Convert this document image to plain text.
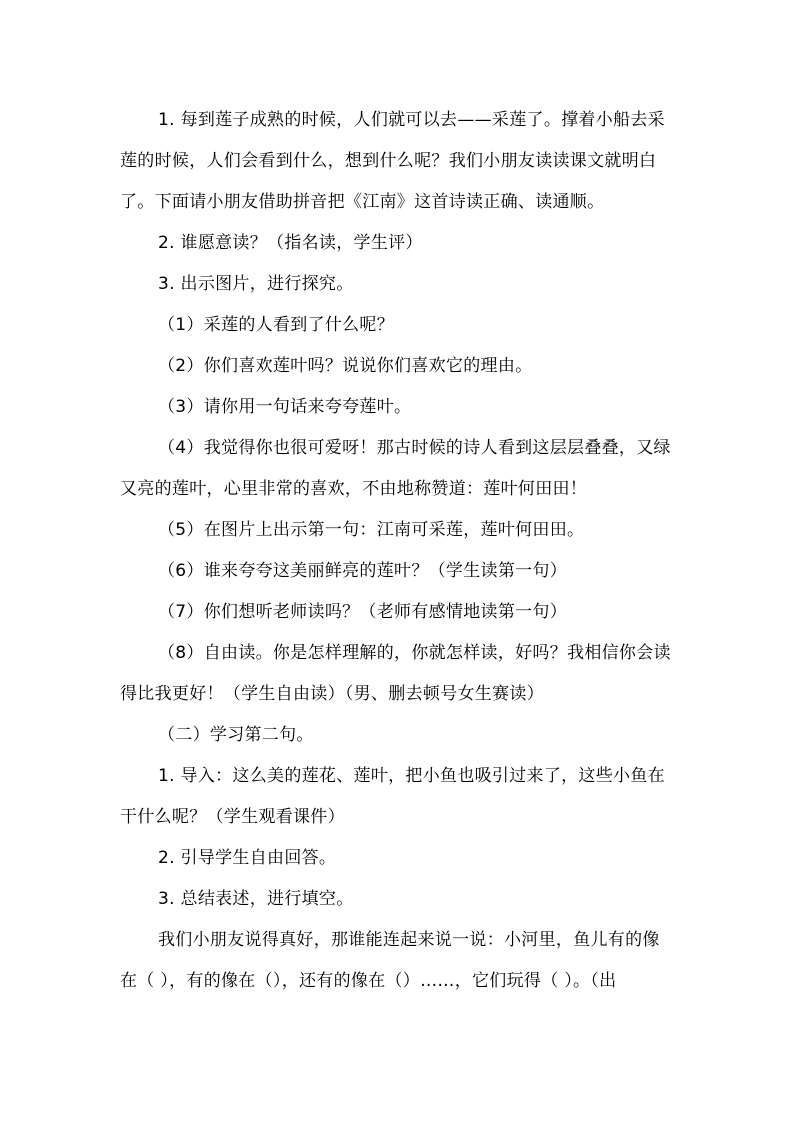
1. 每到莲子成熟的时候，人们就可以去——采莲了。撑着小船去采莲的时候，人们会看到什么，想到什么呢？我们小朋友读读课文就明白了。下面请小朋友借助拼音把《江南》这首诗读正确、读通顺。

2. 谁愿意读？（指名读，学生评）

3. 出示图片，进行探究。

（1）采莲的人看到了什么呢？

（2）你们喜欢莲叶吗？说说你们喜欢它的理由。

（3）请你用一句话来夸夸莲叶。

（4）我觉得你也很可爱呀！那古时候的诗人看到这层层叠叠，又绿又亮的莲叶，心里非常的喜欢，不由地称赞道：莲叶何田田！

（5）在图片上出示第一句：江南可采莲，莲叶何田田。

（6）谁来夸夸这美丽鲜亮的莲叶？（学生读第一句）

（7）你们想听老师读吗？（老师有感情地读第一句）

（8）自由读。你是怎样理解的，你就怎样读，好吗？我相信你会读得比我更好！（学生自由读）（男、删去顿号女生赛读）

（二）学习第二句。

1. 导入：这么美的莲花、莲叶，把小鱼也吸引过来了，这些小鱼在干什么呢？（学生观看课件）

2. 引导学生自由回答。

3. 总结表述，进行填空。

我们小朋友说得真好，那谁能连起来说一说：小河里，鱼儿有的像在（ ），有的像在（），还有的像在（）……，它们玩得（ ）。（出
